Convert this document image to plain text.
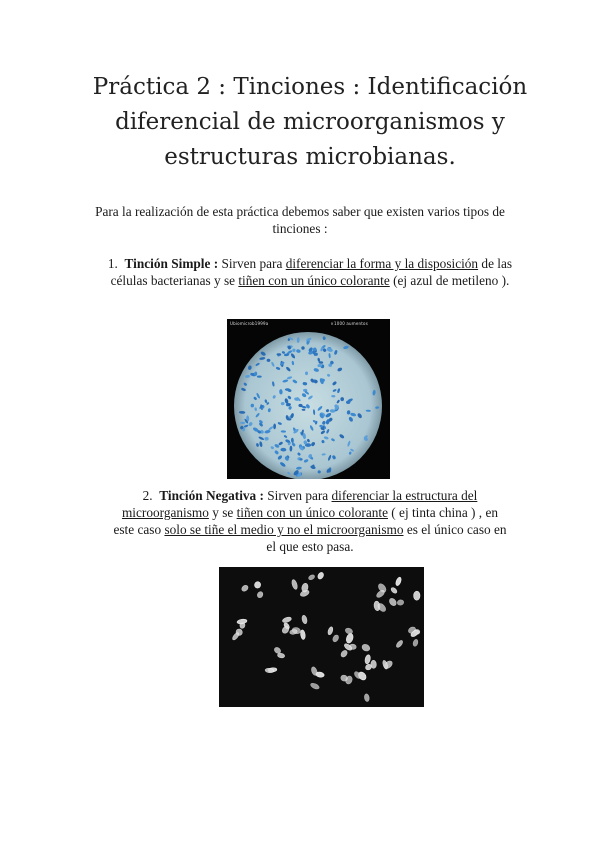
Práctica 2 : Tinciones : Identificación diferencial de microorganismos y estructuras microbianas.
Para la realización de esta práctica debemos saber que existen varios tipos de tinciones :
1. Tinción Simple : Sirven para diferenciar la forma y la disposición de las células bacterianas y se tiñen con un único colorante (ej azul de metileno ).
Ubiomicrob1999a	×1000 aumentos
2. Tinción Negativa : Sirven para diferenciar la estructura del microorganismo y se tiñen con un único colorante ( ej tinta china ) , en este caso solo se tiñe el medio y no el microorganismo es el único caso en el que esto pasa.
